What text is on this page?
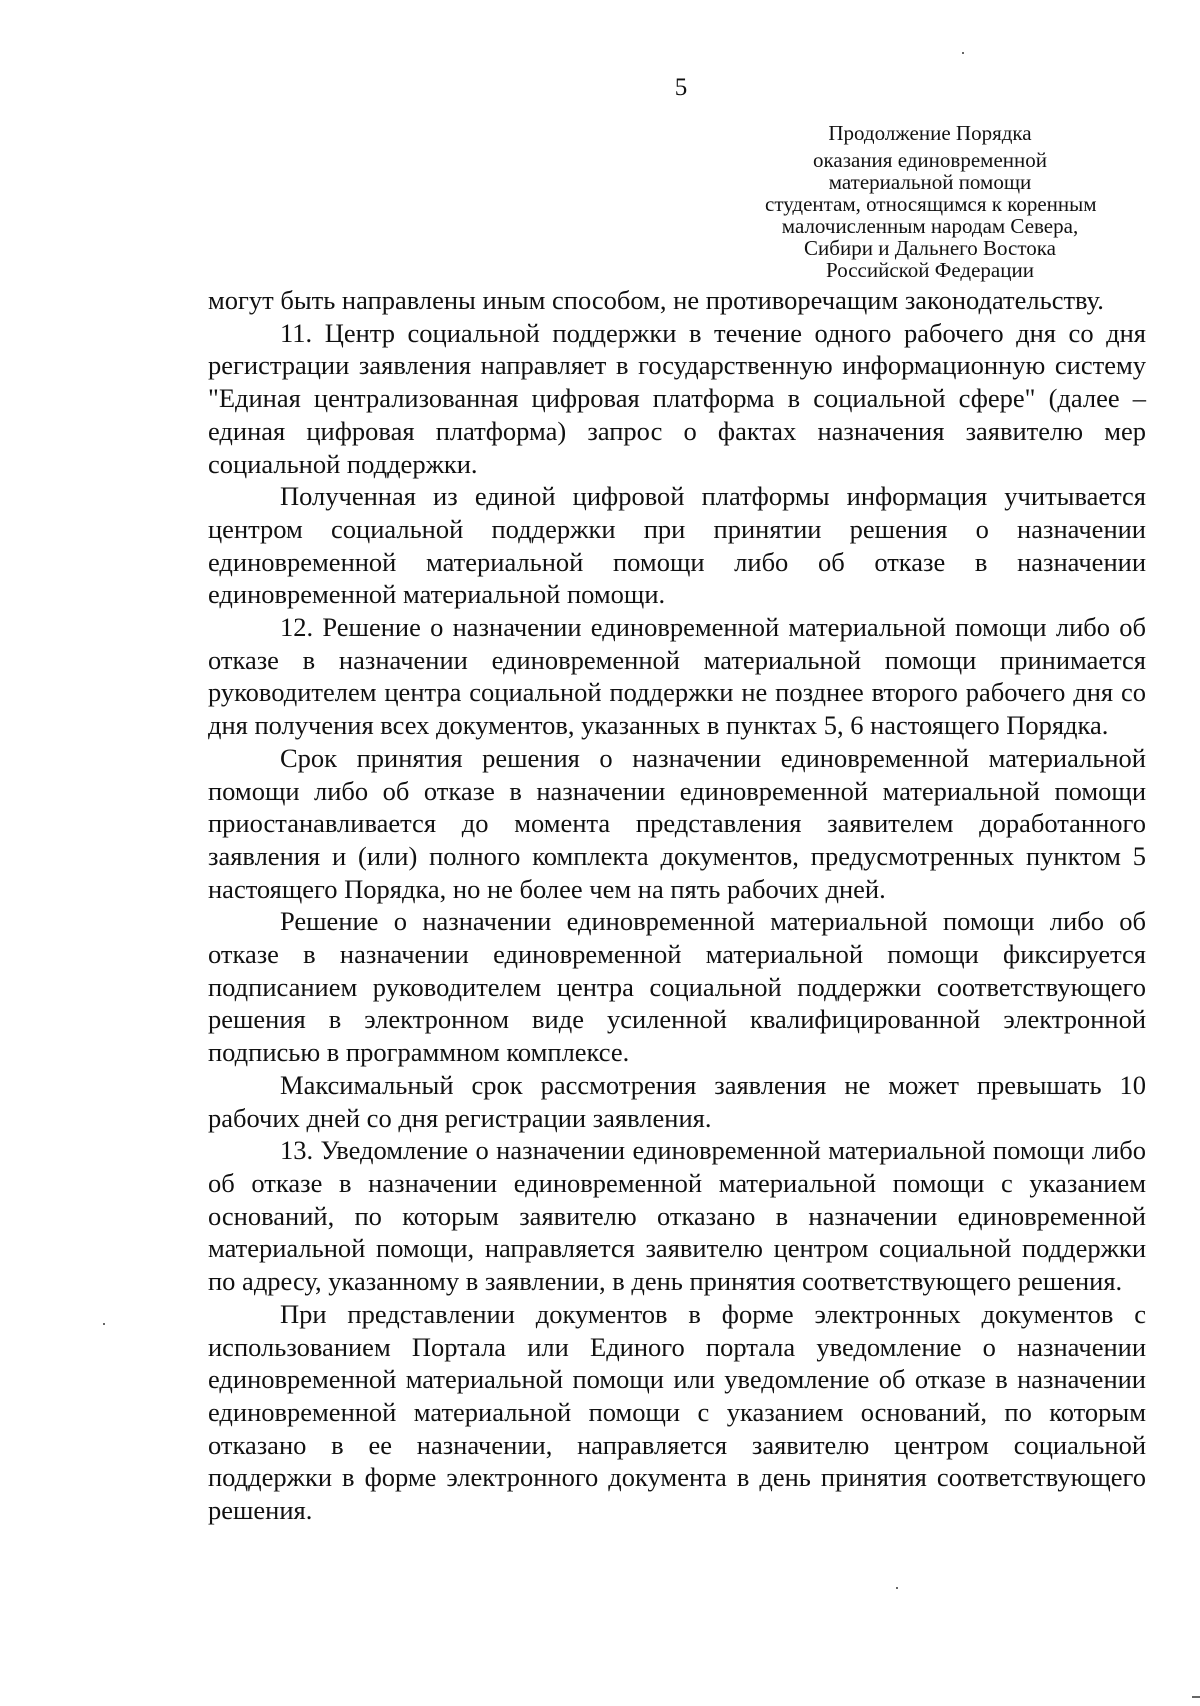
5
Продолжение Порядка
оказания единовременной
материальной помощи
студентам, относящимся к коренным
малочисленным народам Севера,
Сибири и Дальнего Востока
Российской Федерации

могут быть направлены иным способом, не противоречащим законодательству.

11. Центр социальной поддержки в течение одного рабочего дня со дня регистрации заявления направляет в государственную информационную систему "Единая централизованная цифровая платформа в социальной сфере" (далее – единая цифровая платформа) запрос о фактах назначения заявителю мер социальной поддержки.

Полученная из единой цифровой платформы информация учитывается центром социальной поддержки при принятии решения о назначении единовременной материальной помощи либо об отказе в назначении единовременной материальной помощи.

12. Решение о назначении единовременной материальной помощи либо об отказе в назначении единовременной материальной помощи принимается руководителем центра социальной поддержки не позднее второго рабочего дня со дня получения всех документов, указанных в пунктах 5, 6 настоящего Порядка.

Срок принятия решения о назначении единовременной материальной помощи либо об отказе в назначении единовременной материальной помощи приостанавливается до момента представления заявителем доработанного заявления и (или) полного комплекта документов, предусмотренных пунктом 5 настоящего Порядка, но не более чем на пять рабочих дней.

Решение о назначении единовременной материальной помощи либо об отказе в назначении единовременной материальной помощи фиксируется подписанием руководителем центра социальной поддержки соответствующего решения в электронном виде усиленной квалифицированной электронной подписью в программном комплексе.

Максимальный срок рассмотрения заявления не может превышать 10 рабочих дней со дня регистрации заявления.

13. Уведомление о назначении единовременной материальной помощи либо об отказе в назначении единовременной материальной помощи с указанием оснований, по которым заявителю отказано в назначении единовременной материальной помощи, направляется заявителю центром социальной поддержки по адресу, указанному в заявлении, в день принятия соответствующего решения.

При представлении документов в форме электронных документов с использованием Портала или Единого портала уведомление о назначении единовременной материальной помощи или уведомление об отказе в назначении единовременной материальной помощи с указанием оснований, по которым отказано в ее назначении, направляется заявителю центром социальной поддержки в форме электронного документа в день принятия соответствующего решения.
